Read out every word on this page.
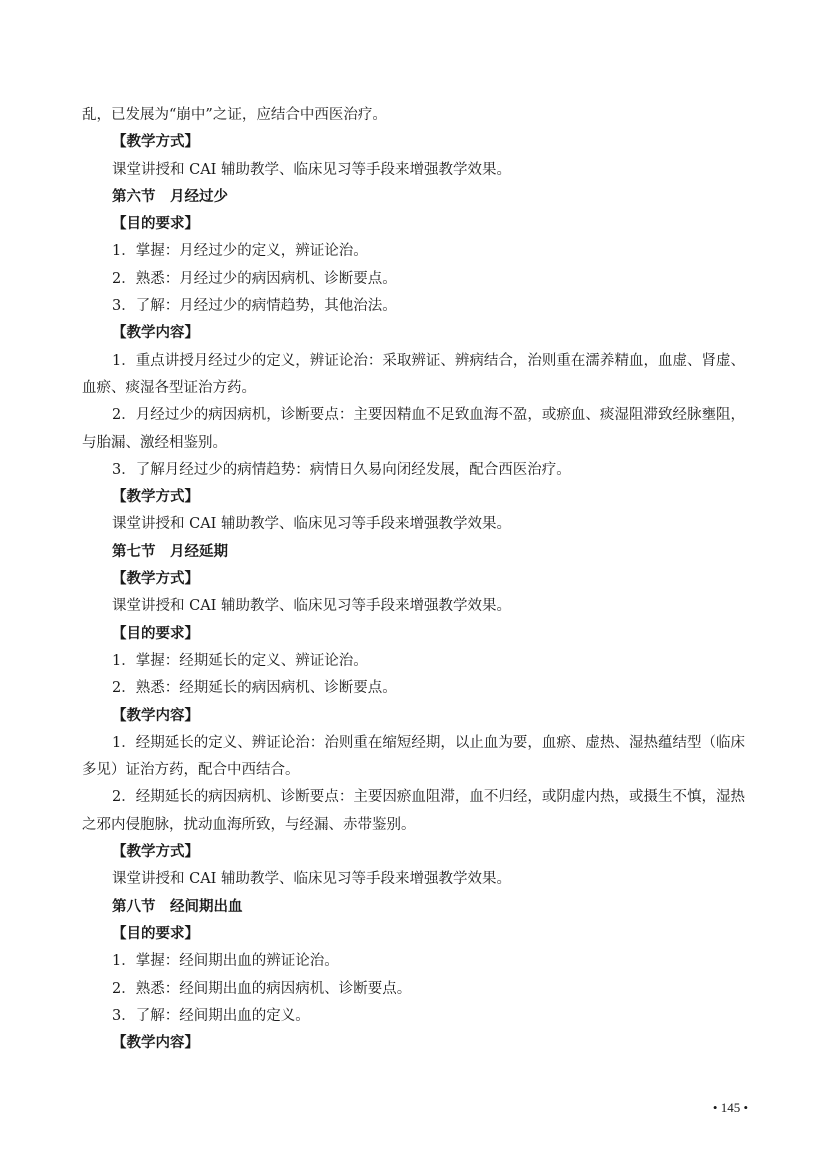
乱，已发展为“崩中”之证，应结合中西医治疗。
【教学方式】
课堂讲授和 CAI 辅助教学、临床见习等手段来增强教学效果。
第六节　月经过少
【目的要求】
1．掌握：月经过少的定义，辨证论治。
2．熟悉：月经过少的病因病机、诊断要点。
3．了解：月经过少的病情趋势，其他治法。
【教学内容】
1．重点讲授月经过少的定义，辨证论治：采取辨证、辨病结合，治则重在濡养精血，血虚、肾虚、血瘀、痰湿各型证治方药。
2．月经过少的病因病机，诊断要点：主要因精血不足致血海不盈，或瘀血、痰湿阻滞致经脉壅阻，与胎漏、激经相鉴别。
3．了解月经过少的病情趋势：病情日久易向闭经发展，配合西医治疗。
【教学方式】
课堂讲授和 CAI 辅助教学、临床见习等手段来增强教学效果。
第七节　月经延期
【教学方式】
课堂讲授和 CAI 辅助教学、临床见习等手段来增强教学效果。
【目的要求】
1．掌握：经期延长的定义、辨证论治。
2．熟悉：经期延长的病因病机、诊断要点。
【教学内容】
1．经期延长的定义、辨证论治：治则重在缩短经期，以止血为要，血瘀、虚热、湿热蕴结型（临床多见）证治方药，配合中西结合。
2．经期延长的病因病机、诊断要点：主要因瘀血阻滞，血不归经，或阴虚内热，或摄生不慎，湿热之邪内侵胞脉，扰动血海所致，与经漏、赤带鉴别。
【教学方式】
课堂讲授和 CAI 辅助教学、临床见习等手段来增强教学效果。
第八节　经间期出血
【目的要求】
1．掌握：经间期出血的辨证论治。
2．熟悉：经间期出血的病因病机、诊断要点。
3．了解：经间期出血的定义。
【教学内容】
• 145 •
